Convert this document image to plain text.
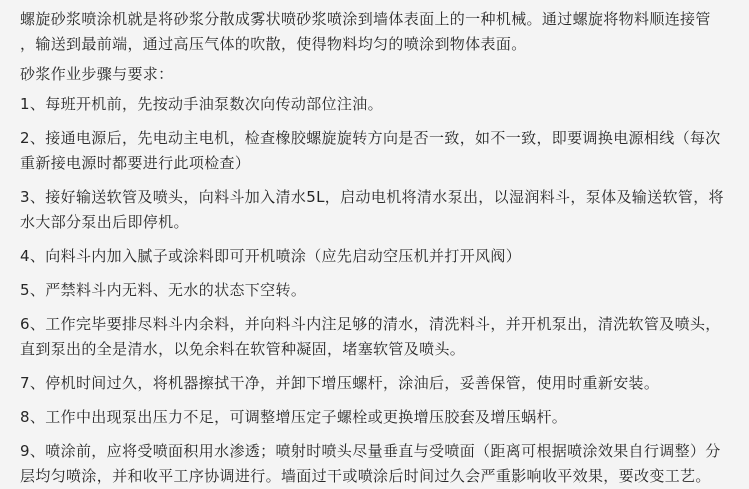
螺旋砂浆喷涂机就是将砂浆分散成雾状喷砂浆喷涂到墙体表面上的一种机械。通过螺旋将物料顺连接管
，输送到最前端，通过高压气体的吹散，使得物料均匀的喷涂到物体表面。
砂浆作业步骤与要求：
1、每班开机前，先按动手油泵数次向传动部位注油。
2、接通电源后，先电动主电机，检查橡胶螺旋旋转方向是否一致，如不一致，即要调换电源相线（每次
重新接电源时都要进行此项检查）
3、接好输送软管及喷头，向料斗加入清水5L，启动电机将清水泵出，以湿润料斗，泵体及输送软管，将
水大部分泵出后即停机。
4、向料斗内加入腻子或涂料即可开机喷涂（应先启动空压机并打开风阀）
5、严禁料斗内无料、无水的状态下空转。
6、工作完毕要排尽料斗内余料，并向料斗内注足够的清水，清洗料斗，并开机泵出，清洗软管及喷头，
直到泵出的全是清水，以免余料在软管种凝固，堵塞软管及喷头。
7、停机时间过久，将机器擦拭干净，并卸下增压螺杆，涂油后，妥善保管，使用时重新安装。
8、工作中出现泵出压力不足，可调整增压定子螺栓或更换增压胶套及增压蜗杆。
9、喷涂前，应将受喷面积用水渗透；喷射时喷头尽量垂直与受喷面（距离可根据喷涂效果自行调整）分
层均匀喷涂，并和收平工序协调进行。墙面过干或喷涂后时间过久会严重影响收平效果，要改变工艺。
